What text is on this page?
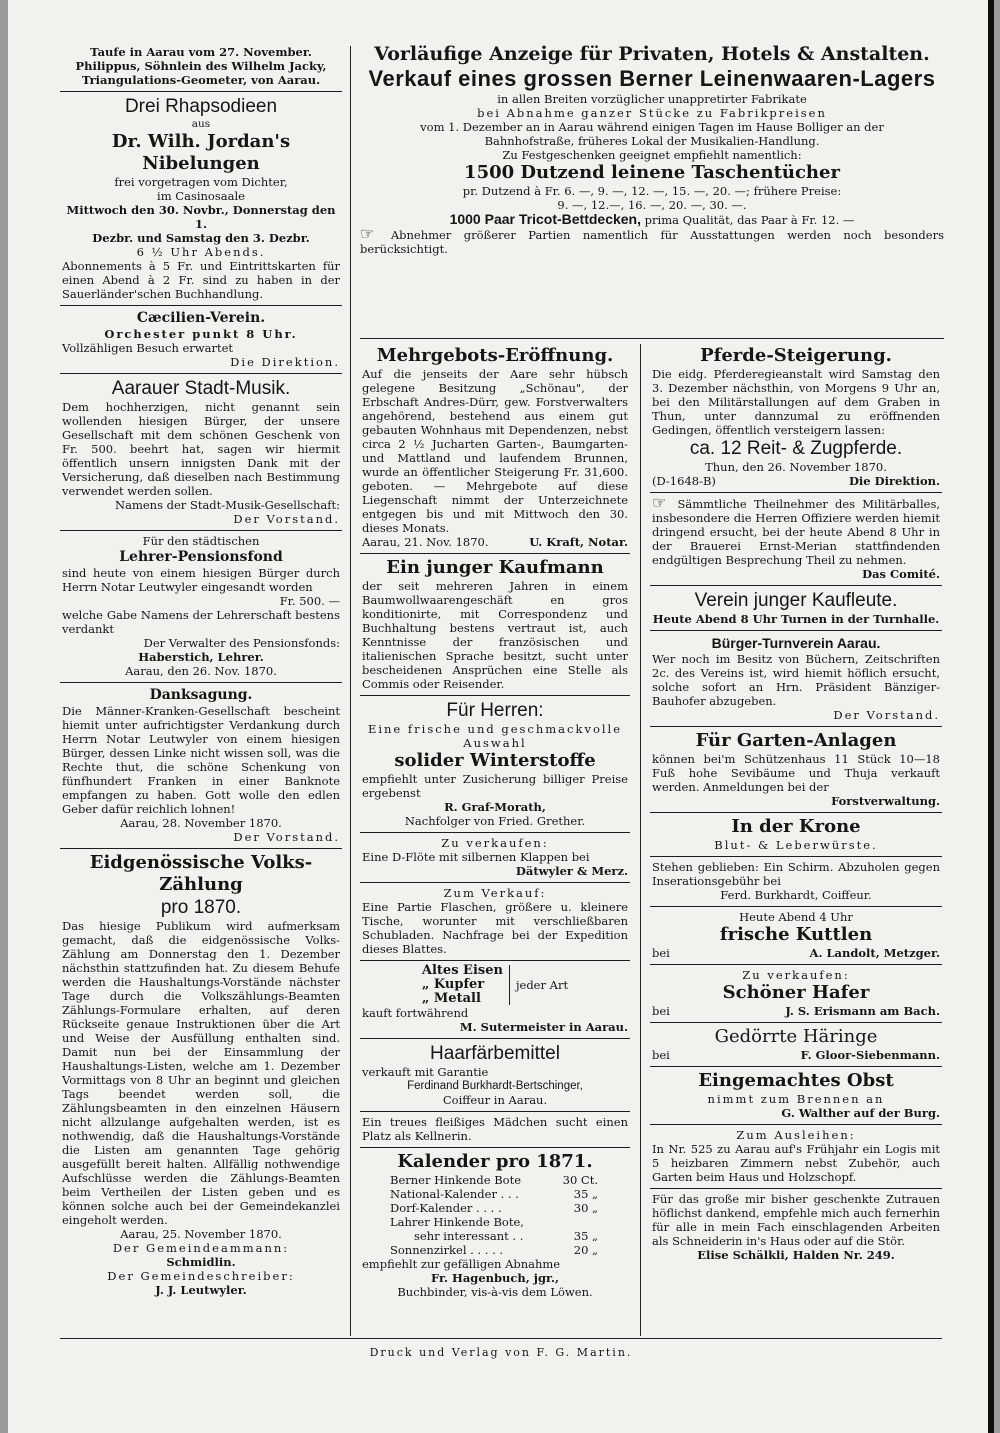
Taufe in Aarau vom 27. November.
Philippus, Söhnlein des Wilhelm Jacky,
Triangulations-Geometer, von Aarau.
Drei Rhapsodieen
aus
Dr. Wilh. Jordan's Nibelungen
frei vorgetragen vom Dichter,
im Casinosaale
Mittwoch den 30. Novbr., Donnerstag den 1.
Dezbr. und Samstag den 3. Dezbr.
6 ½ Uhr Abends.
Abonnements à 5 Fr. und Eintrittskarten für einen Abend à 2 Fr. sind zu haben in der Sauerländer'schen Buchhandlung.
Cæcilien-Verein.
Orchester punkt 8 Uhr.
Vollzähligen Besuch erwartet
Die Direktion.
Aarauer Stadt-Musik.
Dem hochherzigen, nicht genannt sein wollenden hiesigen Bürger, der unsere Gesellschaft mit dem schönen Geschenk von Fr. 500. beehrt hat, sagen wir hiermit öffentlich unsern innigsten Dank mit der Versicherung, daß dieselben nach Bestimmung verwendet werden sollen.
Namens der Stadt-Musik-Gesellschaft:
Der Vorstand.
Für den städtischen
Lehrer-Pensionsfond
sind heute von einem hiesigen Bürger durch Herrn Notar Leutwyler eingesandt worden
Fr. 500. —
welche Gabe Namens der Lehrerschaft bestens verdankt
Der Verwalter des Pensionsfonds:
Haberstich, Lehrer.
Aarau, den 26. Nov. 1870.
Danksagung.
Die Männer-Kranken-Gesellschaft bescheint hiemit unter aufrichtigster Verdankung durch Herrn Notar Leutwyler von einem hiesigen Bürger, dessen Linke nicht wissen soll, was die Rechte thut, die schöne Schenkung von fünfhundert Franken in einer Banknote empfangen zu haben. Gott wolle den edlen Geber dafür reichlich lohnen!
Aarau, 28. November 1870.
Der Vorstand.
Eidgenössische Volks-Zählung
pro 1870.
Das hiesige Publikum wird aufmerksam gemacht, daß die eidgenössische Volks-Zählung am Donnerstag den 1. Dezember nächsthin stattzufinden hat. Zu diesem Behufe werden die Haushaltungs-Vorstände nächster Tage durch die Volkszählungs-Beamten Zählungs-Formulare erhalten, auf deren Rückseite genaue Instruktionen über die Art und Weise der Ausfüllung enthalten sind. Damit nun bei der Einsammlung der Haushaltungs-Listen, welche am 1. Dezember Vormittags von 8 Uhr an beginnt und gleichen Tags beendet werden soll, die Zählungsbeamten in den einzelnen Häusern nicht allzulange aufgehalten werden, ist es nothwendig, daß die Haushaltungs-Vorstände die Listen am genannten Tage gehörig ausgefüllt bereit halten. Allfällig nothwendige Aufschlüsse werden die Zählungs-Beamten beim Vertheilen der Listen geben und es können solche auch bei der Gemeindekanzlei eingeholt werden.
Aarau, 25. November 1870.
Der Gemeindeammann:
Schmidlin.
Der Gemeindeschreiber:
J. J. Leutwyler.
Vorläufige Anzeige für Privaten, Hotels & Anstalten.
Verkauf eines grossen Berner Leinenwaaren-Lagers
in allen Breiten vorzüglicher unappretirter Fabrikate
bei Abnahme ganzer Stücke zu Fabrikpreisen
vom 1. Dezember an in Aarau während einigen Tagen im Hause Bolliger an der
Bahnhofstraße, früheres Lokal der Musikalien-Handlung.
Zu Festgeschenken geeignet empfiehlt namentlich:
1500 Dutzend leinene Taschentücher
pr. Dutzend à Fr. 6. —, 9. —, 12. —, 15. —, 20. —; frühere Preise:
9. —, 12.—, 16. —, 20. —, 30. —.
1000 Paar Tricot-Bettdecken, prima Qualität, das Paar à Fr. 12. —
☞ Abnehmer größerer Partien namentlich für Ausstattungen werden noch besonders berücksichtigt.
Mehrgebots-Eröffnung.
Auf die jenseits der Aare sehr hübsch gelegene Besitzung „Schönau", der Erbschaft Andres-Dürr, gew. Forstverwalters angehörend, bestehend aus einem gut gebauten Wohnhaus mit Dependenzen, nebst circa 2 ½ Jucharten Garten-, Baumgarten- und Mattland und laufendem Brunnen, wurde an öffentlicher Steigerung Fr. 31,600. geboten. — Mehrgebote auf diese Liegenschaft nimmt der Unterzeichnete entgegen bis und mit Mittwoch den 30. dieses Monats.
Aarau, 21. Nov. 1870.	U. Kraft, Notar.
Ein junger Kaufmann
der seit mehreren Jahren in einem Baumwollwaarengeschäft en gros konditionirte, mit Correspondenz und Buchhaltung bestens vertraut ist, auch Kenntnisse der französischen und italienischen Sprache besitzt, sucht unter bescheidenen Ansprüchen eine Stelle als Commis oder Reisender.
Für Herren:
Eine frische und geschmackvolle Auswahl
solider Winterstoffe
empfiehlt unter Zusicherung billiger Preise ergebenst
R. Graf-Morath,
Nachfolger von Fried. Grether.
Zu verkaufen:
Eine D-Flöte mit silbernen Klappen bei
Dätwyler & Merz.
Zum Verkauf:
Eine Partie Flaschen, größere u. kleinere Tische, worunter mit verschließbaren Schubladen. Nachfrage bei der Expedition dieses Blattes.
Altes Eisen
„ Kupfer
„ Metall
jeder Art
kauft fortwährend
M. Sutermeister in Aarau.
Haarfärbemittel
verkauft mit Garantie
Ferdinand Burkhardt-Bertschinger,
Coiffeur in Aarau.
Ein treues fleißiges Mädchen sucht einen Platz als Kellnerin.
Kalender pro 1871.
Berner Hinkende Bote	30 Ct.
National-Kalender . . .	35 „
Dorf-Kalender . . . .	30 „
Lahrer Hinkende Bote,
sehr interessant . .	35 „
Sonnenzirkel . . . . .	20 „
empfiehlt zur gefälligen Abnahme
Fr. Hagenbuch, jgr.,
Buchbinder, vis-à-vis dem Löwen.
Pferde-Steigerung.
Die eidg. Pferderegieanstalt wird Samstag den 3. Dezember nächsthin, von Morgens 9 Uhr an, bei den Militärstallungen auf dem Graben in Thun, unter dannzumal zu eröffnenden Gedingen, öffentlich versteigern lassen:
ca. 12 Reit- & Zugpferde.
Thun, den 26. November 1870.
(D-1648-B)	Die Direktion.
☞ Sämmtliche Theilnehmer des Militärballes, insbesondere die Herren Offiziere werden hiemit dringend ersucht, bei der heute Abend 8 Uhr in der Brauerei Ernst-Merian stattfindenden endgültigen Besprechung Theil zu nehmen.
Das Comité.
Verein junger Kaufleute.
Heute Abend 8 Uhr Turnen in der Turnhalle.
Bürger-Turnverein Aarau.
Wer noch im Besitz von Büchern, Zeitschriften 2c. des Vereins ist, wird hiemit höflich ersucht, solche sofort an Hrn. Präsident Bänziger-Bauhofer abzugeben.
Der Vorstand.
Für Garten-Anlagen
können bei'm Schützenhaus 11 Stück 10—18 Fuß hohe Sevibäume und Thuja verkauft werden. Anmeldungen bei der
Forstverwaltung.
In der Krone
Blut- & Leberwürste.
Stehen geblieben: Ein Schirm. Abzuholen gegen Inserationsgebühr bei
Ferd. Burkhardt, Coiffeur.
Heute Abend 4 Uhr
frische Kuttlen
bei	A. Landolt, Metzger.
Zu verkaufen:
Schöner Hafer
bei	J. S. Erismann am Bach.
Gedörrte Häringe
bei	F. Gloor-Siebenmann.
Eingemachtes Obst
nimmt zum Brennen an
G. Walther auf der Burg.
Zum Ausleihen:
In Nr. 525 zu Aarau auf's Frühjahr ein Logis mit 5 heizbaren Zimmern nebst Zubehör, auch Garten beim Haus und Holzschopf.
Für das große mir bisher geschenkte Zutrauen höflichst dankend, empfehle mich auch fernerhin für alle in mein Fach einschlagenden Arbeiten als Schneiderin in's Haus oder auf die Stör.
Elise Schälkli, Halden Nr. 249.
Druck und Verlag von F. G. Martin.
